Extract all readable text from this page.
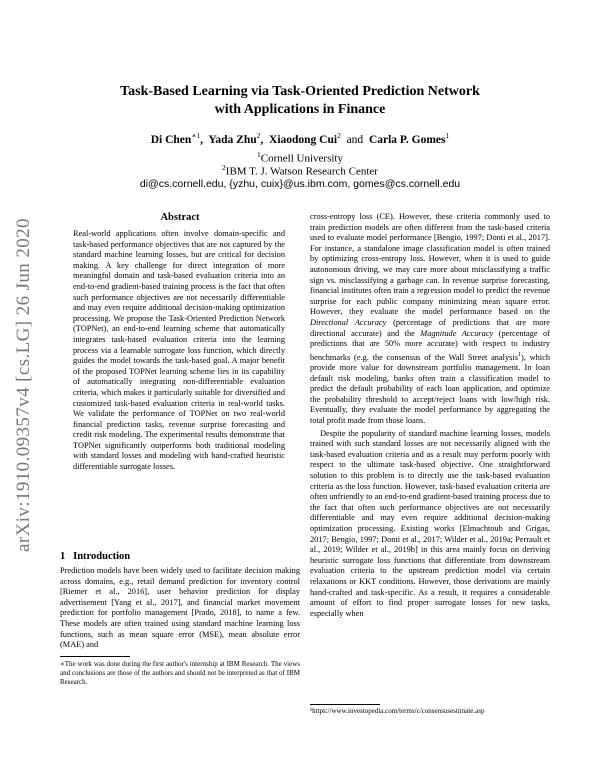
arXiv:1910.09357v4 [cs.LG] 26 Jun 2020
Task-Based Learning via Task-Oriented Prediction Network
with Applications in Finance
Di Chen$^{∗1}$, Yada Zhu$^2$, Xiaodong Cui$^2$ and Carla P. Gomes$^1$
$^1$Cornell University
$^2$IBM T. J. Watson Research Center
di@cs.cornell.edu, {yzhu, cuix}@us.ibm.com, gomes@cs.cornell.edu
Abstract

Real-world applications often involve domain-specific and task-based performance objectives that are not captured by the standard machine learning losses, but are critical for decision making. A key challenge for direct integration of more meaningful domain and task-based evaluation criteria into an end-to-end gradient-based training process is the fact that often such performance objectives are not necessarily differentiable and may even require additional decision-making optimization processing. We propose the Task-Oriented Prediction Network (TOPNet), an end-to-end learning scheme that automatically integrates task-based evaluation criteria into the learning process via a learnable surrogate loss function, which directly guides the model towards the task-based goal. A major benefit of the proposed TOPNet learning scheme lies in its capability of automatically integrating non-differentiable evaluation criteria, which makes it particularly suitable for diversified and customized task-based evaluation criteria in real-world tasks. We validate the performance of TOPNet on two real-world financial prediction tasks, revenue surprise forecasting and credit risk modeling. The experimental results demonstrate that TOPNet significantly outperforms both traditional modeling with standard losses and modeling with hand-crafted heuristic differentiable surrogate losses.

1 Introduction

Prediction models have been widely used to facilitate decision making across domains, e.g., retail demand prediction for inventory control [Riemer et al., 2016], user behavior prediction for display advertisement [Yang et al., 2017], and financial market movement prediction for portfolio management [Prado, 2018], to name a few. These models are often trained using standard machine learning loss functions, such as mean square error (MSE), mean absolute error (MAE) and

∗The work was done during the first author's internship at IBM Research. The views and conclusions are those of the authors and should not be interpreted as that of IBM Research.

cross-entropy loss (CE). However, these criteria commonly used to train prediction models are often different from the task-based criteria used to evaluate model performance [Bengio, 1997; Donti et al., 2017]. For instance, a standalone image classification model is often trained by optimizing cross-entropy loss. However, when it is used to guide autonomous driving, we may care more about misclassifying a traffic sign vs. misclassifying a garbage can. In revenue surprise forecasting, financial institutes often train a regression model to predict the revenue surprise for each public company minimizing mean square error. However, they evaluate the model performance based on the Directional Accuracy (percentage of predictions that are more directional accurate) and the Magnitude Accuracy (percentage of predictions that are 50% more accurate) with respect to industry benchmarks (e.g. the consensus of the Wall Street analysis$^1$), which provide more value for downstream portfolio management. In loan default risk modeling, banks often train a classification model to predict the default probability of each loan application, and optimize the probability threshold to accept/reject loans with low/high risk. Eventually, they evaluate the model performance by aggregating the total profit made from those loans.

Despite the popularity of standard machine learning losses, models trained with such standard losses are not necessarily aligned with the task-based evaluation criteria and as a result may perform poorly with respect to the ultimate task-based objective. One straightforward solution to this problem is to directly use the task-based evaluation criteria as the loss function. However, task-based evaluation criteria are often unfriendly to an end-to-end gradient-based training process due to the fact that often such performance objectives are not necessarily differentiable and may even require additional decision-making optimization processing. Existing works [Elmachtoub and Grigas, 2017; Bengio, 1997; Donti et al., 2017; Wilder et al., 2019a; Perrault et al., 2019; Wilder et al., 2019b] in this area mainly focus on deriving heuristic surrogate loss functions that differentiate from downstream evaluation criteria to the upstream prediction model via certain relaxations or KKT conditions. However, those derivations are mainly hand-crafted and task-specific. As a result, it requires a considerable amount of effort to find proper surrogate losses for new tasks, especially when

¹https://www.investopedia.com/terms/c/consensusestimate.asp
